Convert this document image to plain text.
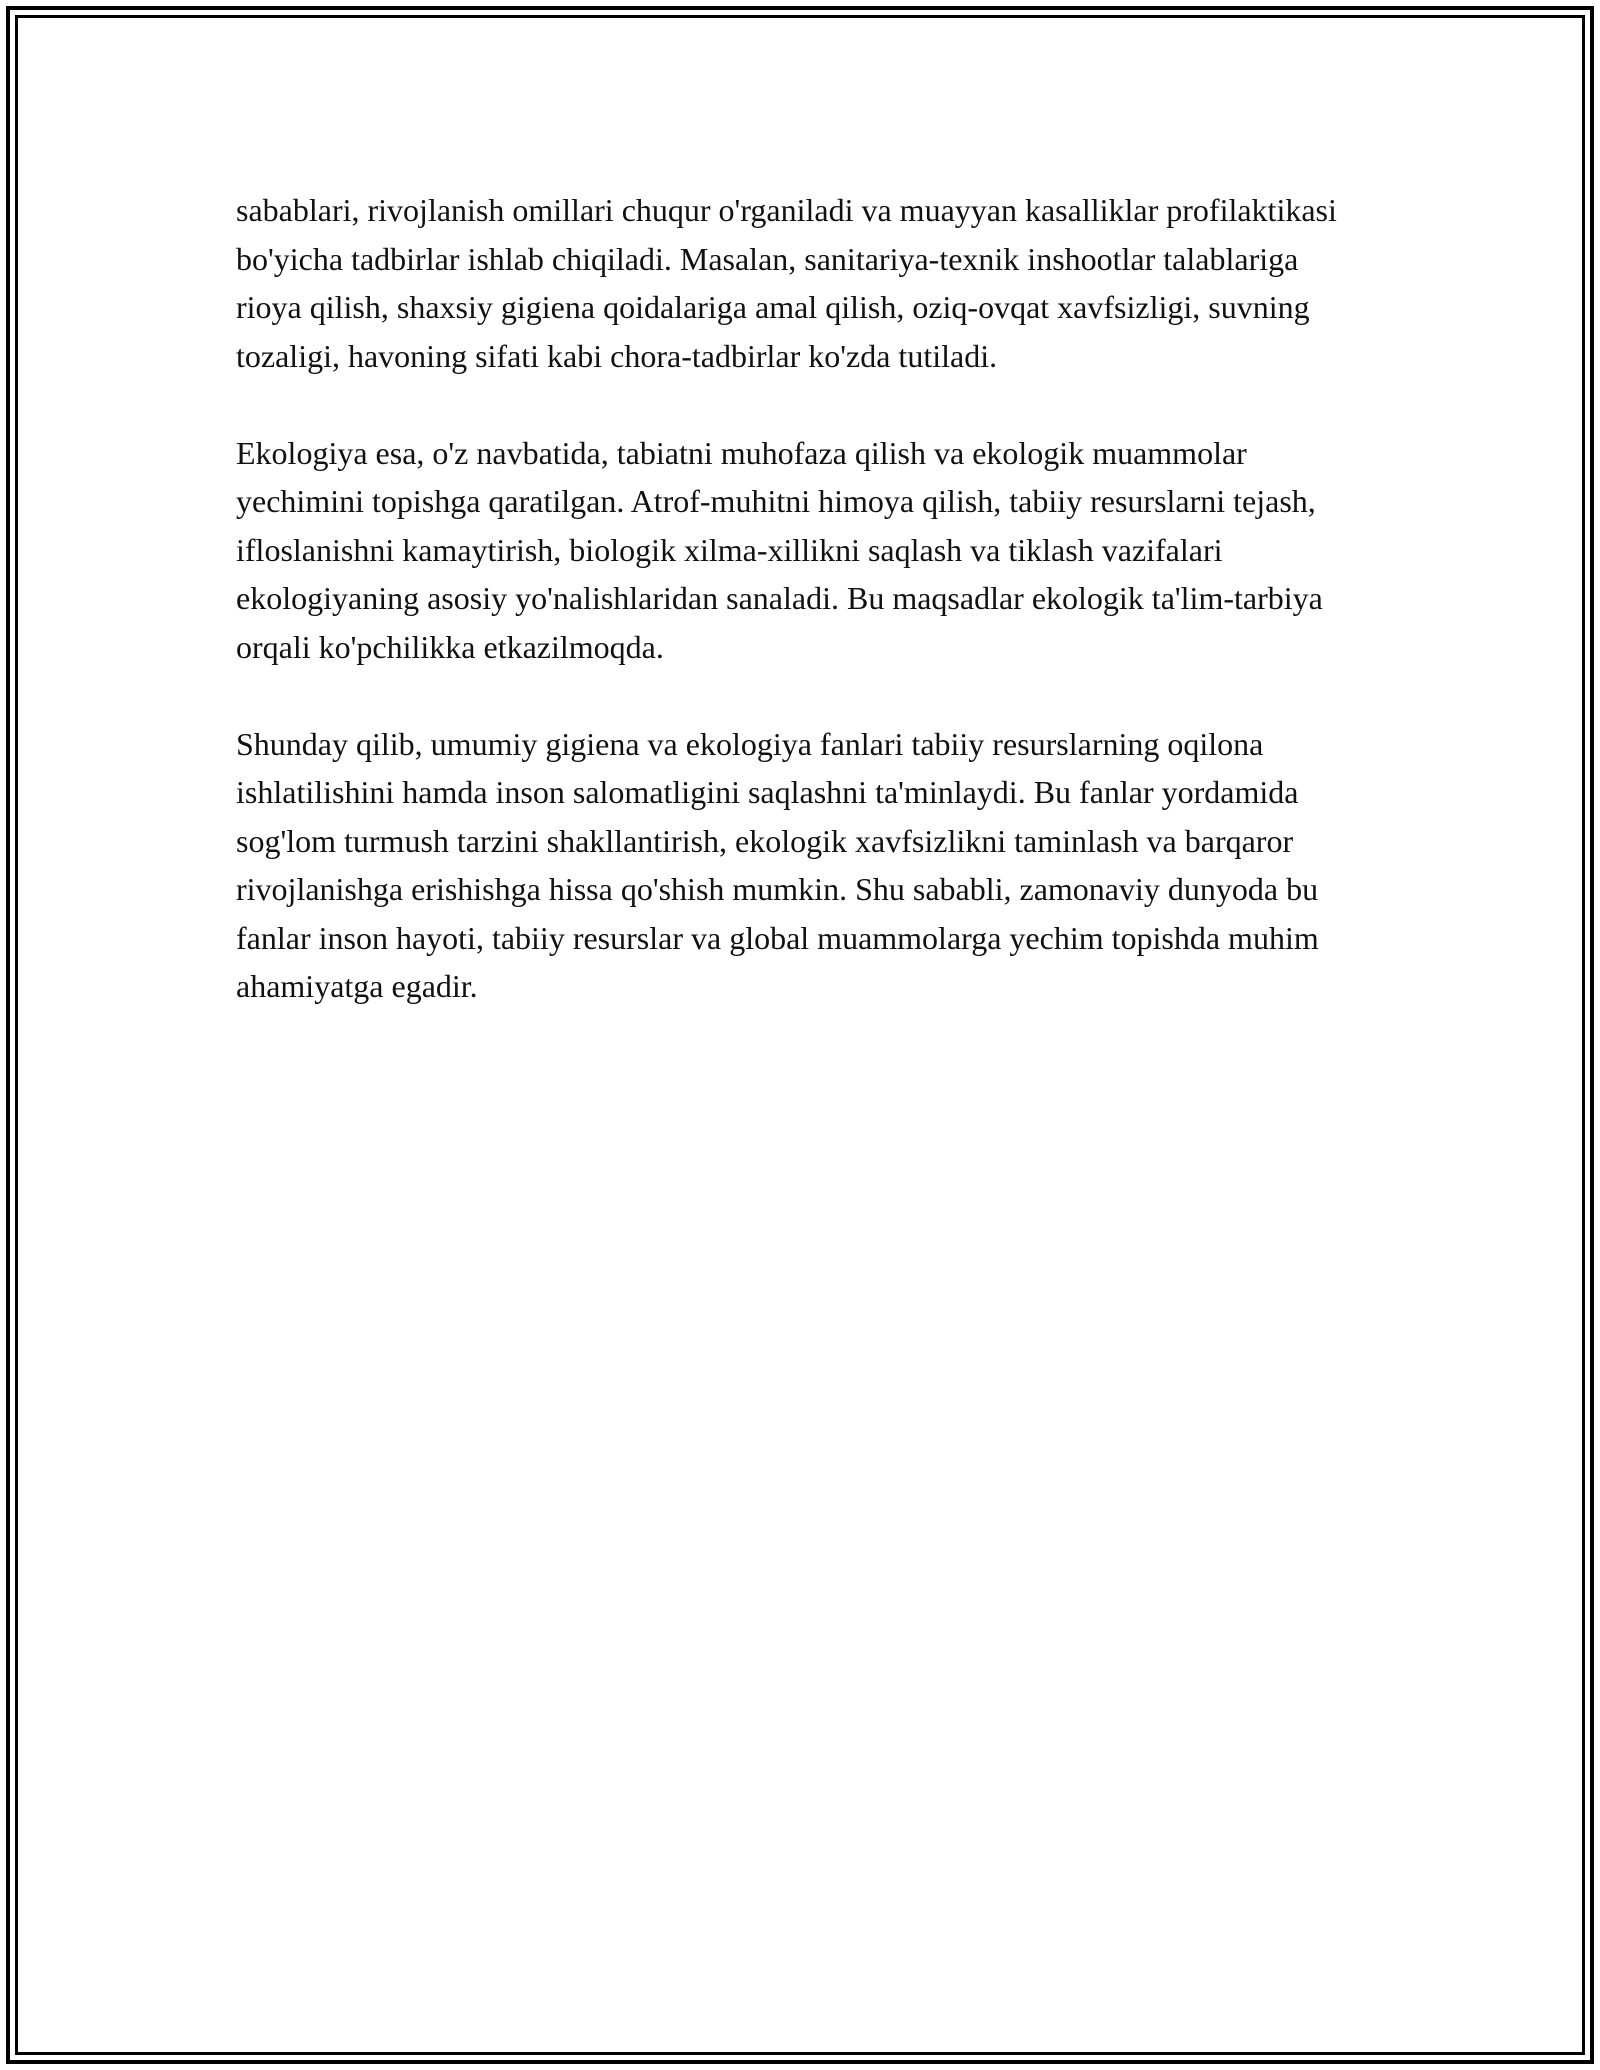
sabablari, rivojlanish omillari chuqur o'rganiladi va muayyan kasalliklar profilaktikasi bo'yicha tadbirlar ishlab chiqiladi. Masalan, sanitariya-texnik inshootlar talablariga rioya qilish, shaxsiy gigiena qoidalariga amal qilish, oziq-ovqat xavfsizligi, suvning tozaligi, havoning sifati kabi chora-tadbirlar ko'zda tutiladi.

Ekologiya esa, o'z navbatida, tabiatni muhofaza qilish va ekologik muammolar yechimini topishga qaratilgan. Atrof-muhitni himoya qilish, tabiiy resurslarni tejash, ifloslanishni kamaytirish, biologik xilma-xillikni saqlash va tiklash vazifalari ekologiyaning asosiy yo'nalishlaridan sanaladi. Bu maqsadlar ekologik ta'lim-tarbiya orqali ko'pchilikka etkazilmoqda.

Shunday qilib, umumiy gigiena va ekologiya fanlari tabiiy resurslarning oqilona ishlatilishini hamda inson salomatligini saqlashni ta'minlaydi. Bu fanlar yordamida sog'lom turmush tarzini shakllantirish, ekologik xavfsizlikni taminlash va barqaror rivojlanishga erishishga hissa qo'shish mumkin. Shu sababli, zamonaviy dunyoda bu fanlar inson hayoti, tabiiy resurslar va global muammolarga yechim topishda muhim ahamiyatga egadir.
